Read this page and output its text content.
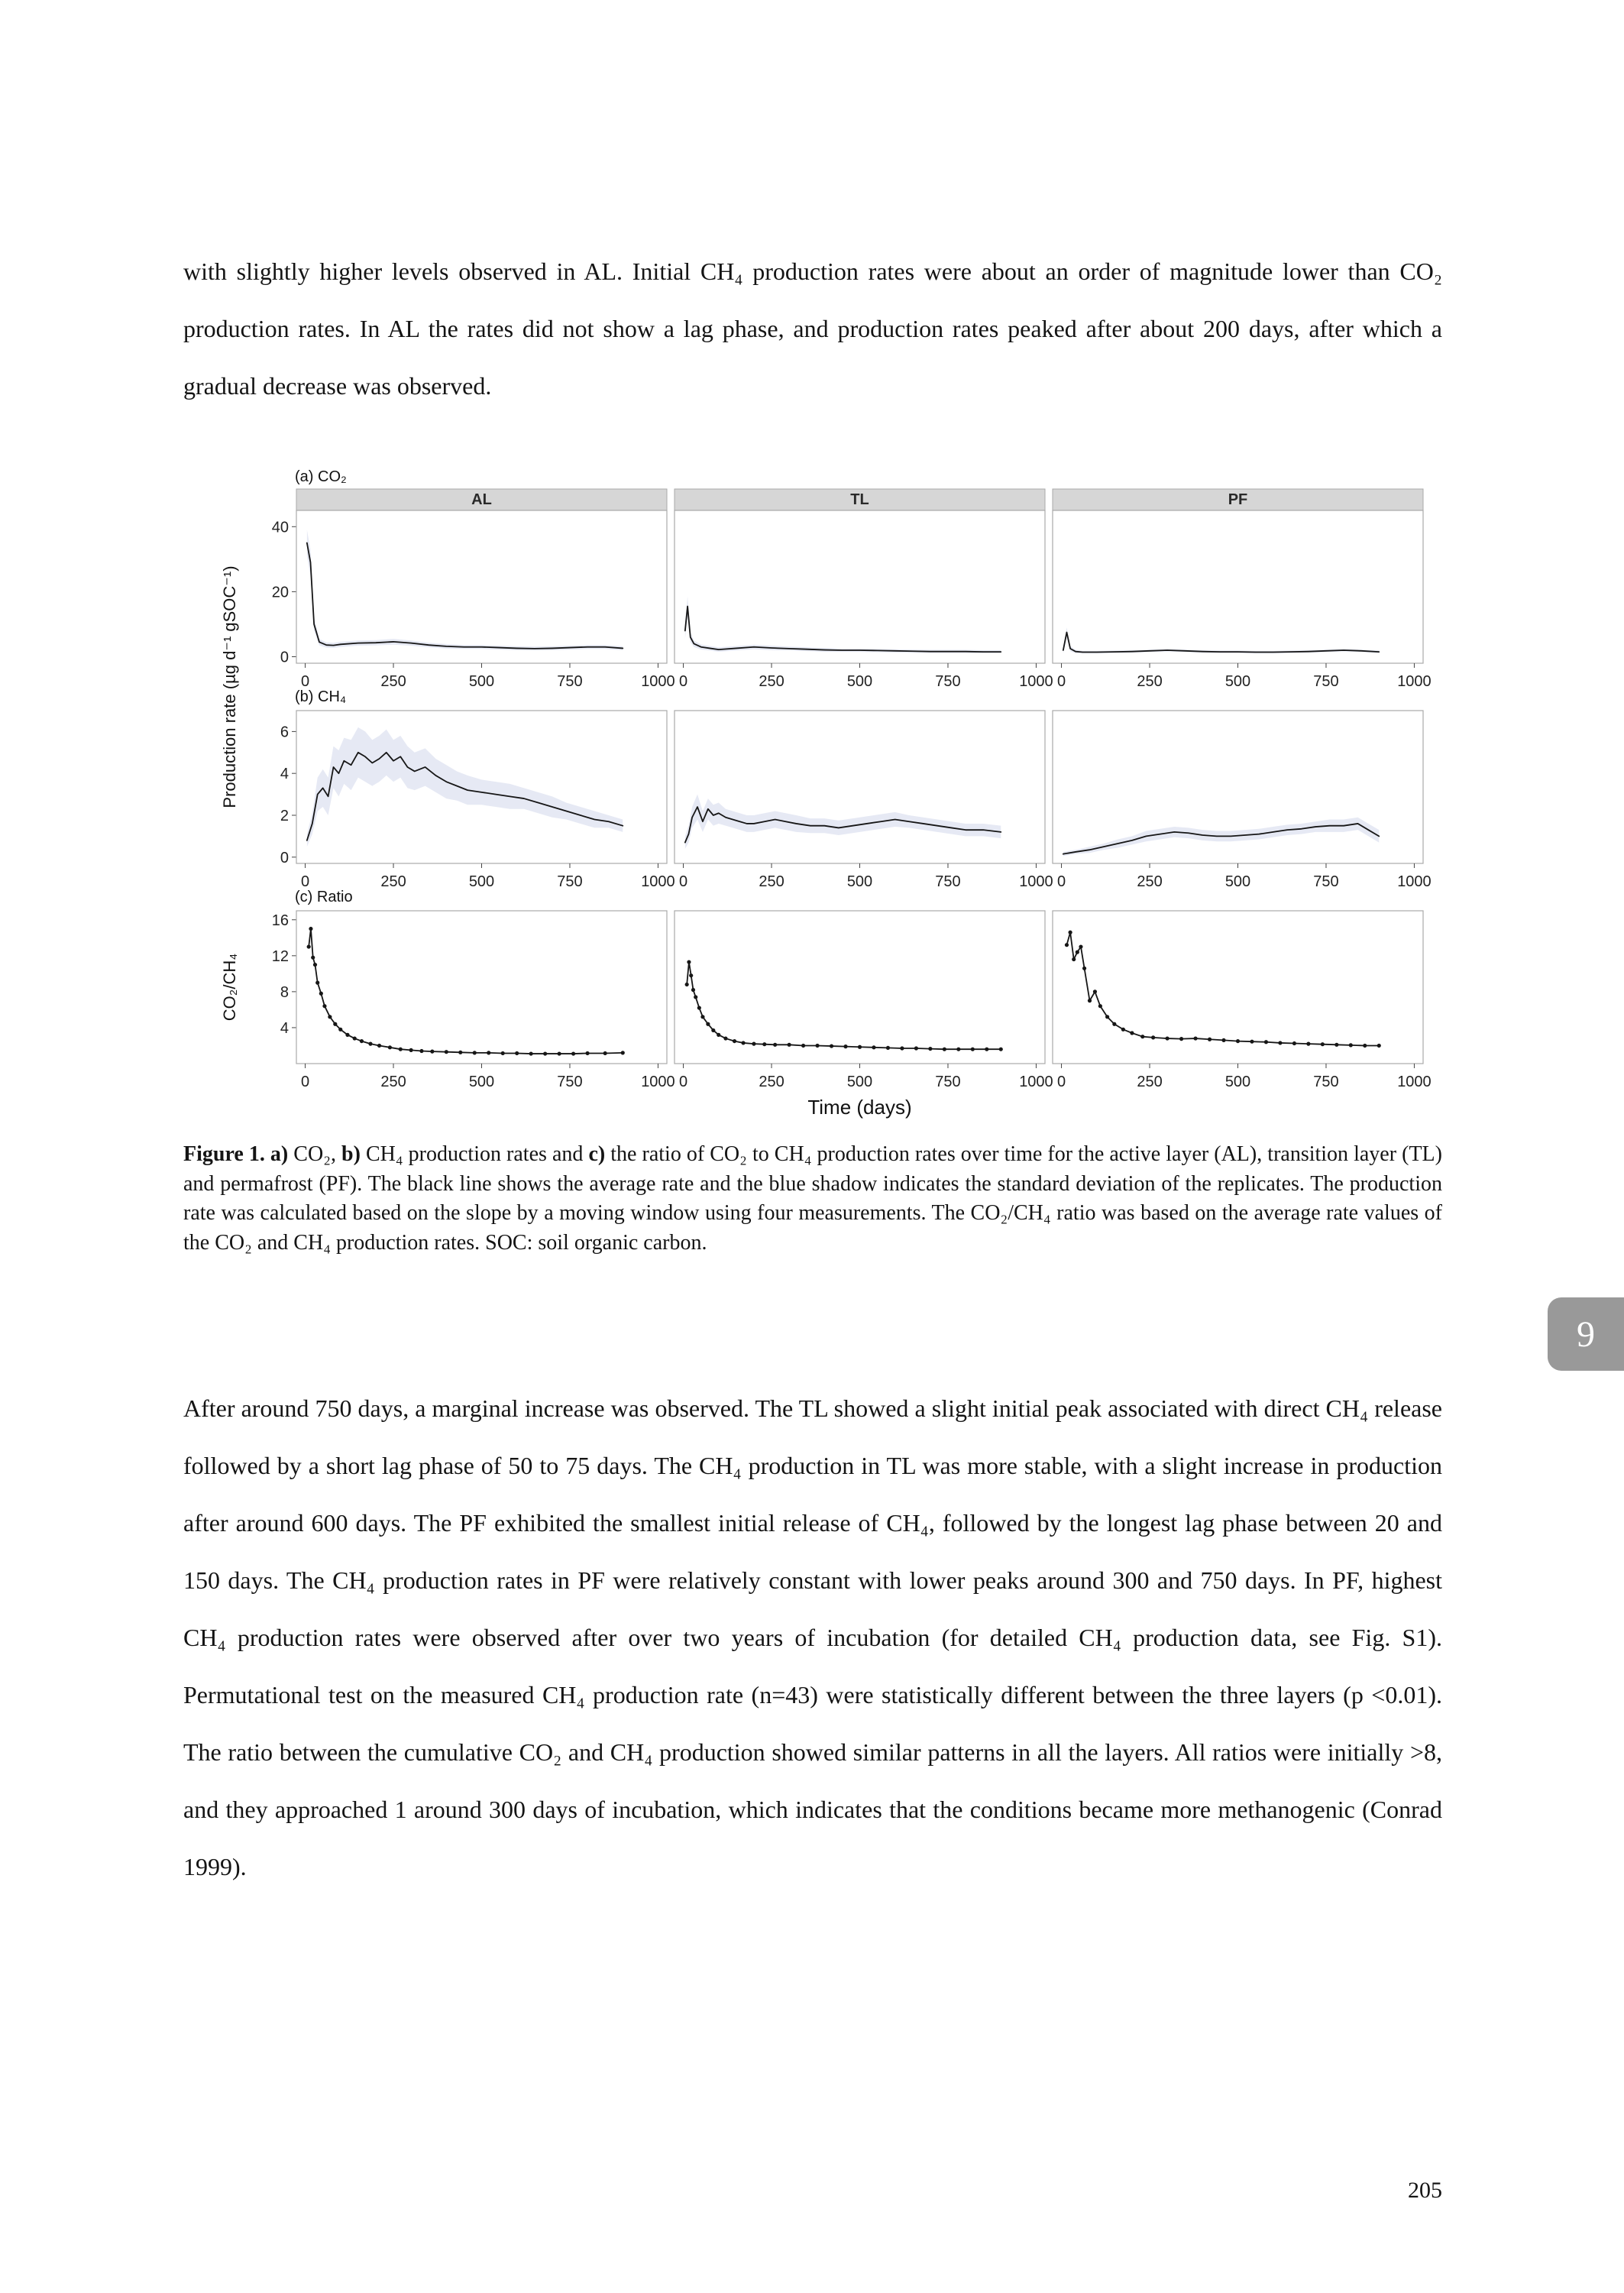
with slightly higher levels observed in AL. Initial CH₄ production rates were about an order of magnitude lower than CO₂ production rates. In AL the rates did not show a lag phase, and production rates peaked after about 200 days, after which a gradual decrease was observed.

AL	TL	PF
(a) CO₂
0
20
40
0	250	500	750	1000 0	250	500	750	1000 0	250	500	750	1000
(b) CH₄
0
2
4
6
0	250	500	750	1000 0	250	500	750	1000 0	250	500	750	1000
(c) Ratio
4
8
12
16
0	250	500	750	1000 0	250	500	750	1000 0	250	500	750	1000
Production rate (µg d⁻¹ gSOC⁻¹)
CO₂/CH₄
Time (days)

Figure 1. a) CO₂, b) CH₄ production rates and c) the ratio of CO₂ to CH₄ production rates over time for the active layer (AL), transition layer (TL) and permafrost (PF). The black line shows the average rate and the blue shadow indicates the standard deviation of the replicates. The production rate was calculated based on the slope by a moving window using four measurements. The CO₂/CH₄ ratio was based on the average rate values of the CO₂ and CH₄ production rates. SOC: soil organic carbon.

After around 750 days, a marginal increase was observed. The TL showed a slight initial peak associated with direct CH₄ release followed by a short lag phase of 50 to 75 days. The CH₄ production in TL was more stable, with a slight increase in production after around 600 days. The PF exhibited the smallest initial release of CH₄, followed by the longest lag phase between 20 and 150 days. The CH₄ production rates in PF were relatively constant with lower peaks around 300 and 750 days. In PF, highest CH₄ production rates were observed after over two years of incubation (for detailed CH₄ production data, see Fig. S1). Permutational test on the measured CH₄ production rate (n=43) were statistically different between the three layers (p <0.01). The ratio between the cumulative CO₂ and CH₄ production showed similar patterns in all the layers. All ratios were initially >8, and they approached 1 around 300 days of incubation, which indicates that the conditions became more methanogenic (Conrad 1999).

205

9
